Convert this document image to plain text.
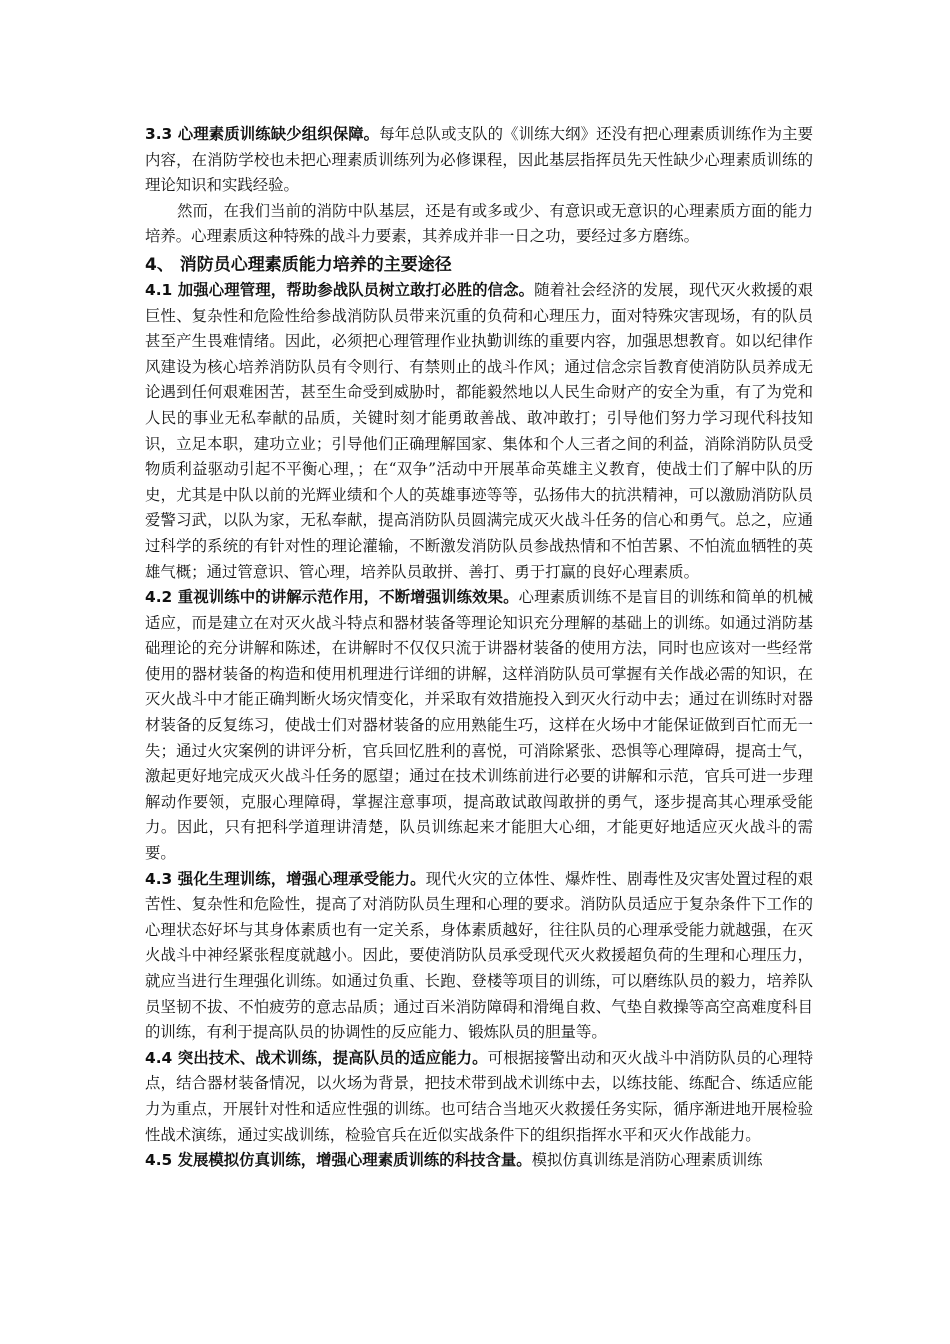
3.3 心理素质训练缺少组织保障。每年总队或支队的《训练大纲》还没有把心理素质训练作为主要内容，在消防学校也未把心理素质训练列为必修课程，因此基层指挥员先天性缺少心理素质训练的理论知识和实践经验。

然而，在我们当前的消防中队基层，还是有或多或少、有意识或无意识的心理素质方面的能力培养。心理素质这种特殊的战斗力要素，其养成并非一日之功，要经过多方磨练。

4、 消防员心理素质能力培养的主要途径

4.1 加强心理管理，帮助参战队员树立敢打必胜的信念。随着社会经济的发展，现代灭火救援的艰巨性、复杂性和危险性给参战消防队员带来沉重的负荷和心理压力，面对特殊灾害现场，有的队员甚至产生畏难情绪。因此，必须把心理管理作业执勤训练的重要内容，加强思想教育。如以纪律作风建设为核心培养消防队员有令则行、有禁则止的战斗作风；通过信念宗旨教育使消防队员养成无论遇到任何艰难困苦，甚至生命受到威胁时，都能毅然地以人民生命财产的安全为重，有了为党和人民的事业无私奉献的品质，关键时刻才能勇敢善战、敢冲敢打；引导他们努力学习现代科技知识，立足本职，建功立业；引导他们正确理解国家、集体和个人三者之间的利益，消除消防队员受物质利益驱动引起不平衡心理，；在“双争”活动中开展革命英雄主义教育，使战士们了解中队的历史，尤其是中队以前的光辉业绩和个人的英雄事迹等等，弘扬伟大的抗洪精神，可以激励消防队员爱警习武，以队为家，无私奉献，提高消防队员圆满完成灭火战斗任务的信心和勇气。总之，应通过科学的系统的有针对性的理论灌输，不断激发消防队员参战热情和不怕苦累、不怕流血牺牲的英雄气概；通过管意识、管心理，培养队员敢拼、善打、勇于打赢的良好心理素质。

4.2 重视训练中的讲解示范作用，不断增强训练效果。心理素质训练不是盲目的训练和简单的机械适应，而是建立在对灭火战斗特点和器材装备等理论知识充分理解的基础上的训练。如通过消防基础理论的充分讲解和陈述，在讲解时不仅仅只流于讲器材装备的使用方法，同时也应该对一些经常使用的器材装备的构造和使用机理进行详细的讲解，这样消防队员可掌握有关作战必需的知识，在灭火战斗中才能正确判断火场灾情变化，并采取有效措施投入到灭火行动中去；通过在训练时对器材装备的反复练习，使战士们对器材装备的应用熟能生巧，这样在火场中才能保证做到百忙而无一失；通过火灾案例的讲评分析，官兵回忆胜利的喜悦，可消除紧张、恐惧等心理障碍，提高士气，激起更好地完成灭火战斗任务的愿望；通过在技术训练前进行必要的讲解和示范，官兵可进一步理解动作要领，克服心理障碍，掌握注意事项，提高敢试敢闯敢拼的勇气，逐步提高其心理承受能力。因此，只有把科学道理讲清楚，队员训练起来才能胆大心细，才能更好地适应灭火战斗的需要。

4.3 强化生理训练，增强心理承受能力。现代火灾的立体性、爆炸性、剧毒性及灾害处置过程的艰苦性、复杂性和危险性，提高了对消防队员生理和心理的要求。消防队员适应于复杂条件下工作的心理状态好坏与其身体素质也有一定关系，身体素质越好，往往队员的心理承受能力就越强，在灭火战斗中神经紧张程度就越小。因此，要使消防队员承受现代灭火救援超负荷的生理和心理压力，就应当进行生理强化训练。如通过负重、长跑、登楼等项目的训练，可以磨练队员的毅力，培养队员坚韧不拔、不怕疲劳的意志品质；通过百米消防障碍和滑绳自救、气垫自救操等高空高难度科目的训练，有利于提高队员的协调性的反应能力、锻炼队员的胆量等。

4.4 突出技术、战术训练，提高队员的适应能力。可根据接警出动和灭火战斗中消防队员的心理特点，结合器材装备情况，以火场为背景，把技术带到战术训练中去，以练技能、练配合、练适应能力为重点，开展针对性和适应性强的训练。也可结合当地灭火救援任务实际，循序渐进地开展检验性战术演练，通过实战训练，检验官兵在近似实战条件下的组织指挥水平和灭火作战能力。

4.5 发展模拟仿真训练，增强心理素质训练的科技含量。模拟仿真训练是消防心理素质训练
